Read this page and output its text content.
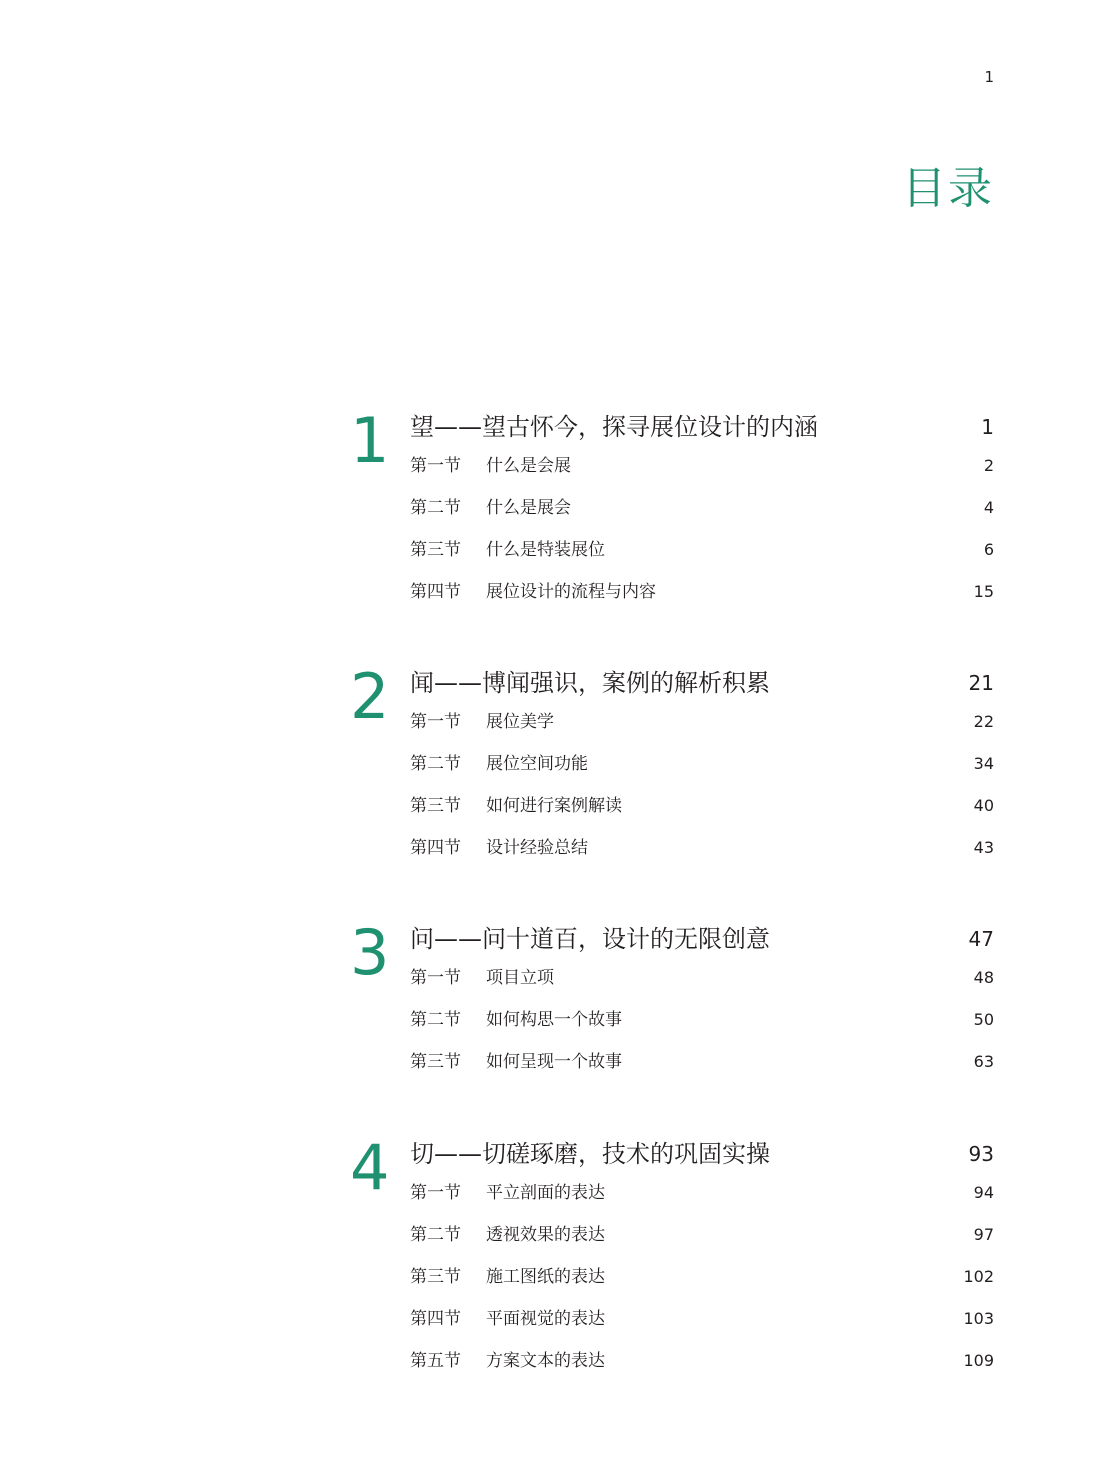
1
目录
1 望——望古怀今，探寻展位设计的内涵	1
第一节 什么是会展	2
第二节 什么是展会	4
第三节 什么是特装展位	6
第四节 展位设计的流程与内容	15
2 闻——博闻强识，案例的解析积累	21
第一节 展位美学	22
第二节 展位空间功能	34
第三节 如何进行案例解读	40
第四节 设计经验总结	43
3 问——问十道百，设计的无限创意	47
第一节 项目立项	48
第二节 如何构思一个故事	50
第三节 如何呈现一个故事	63
4 切——切磋琢磨，技术的巩固实操	93
第一节 平立剖面的表达	94
第二节 透视效果的表达	97
第三节 施工图纸的表达	102
第四节 平面视觉的表达	103
第五节 方案文本的表达	109
